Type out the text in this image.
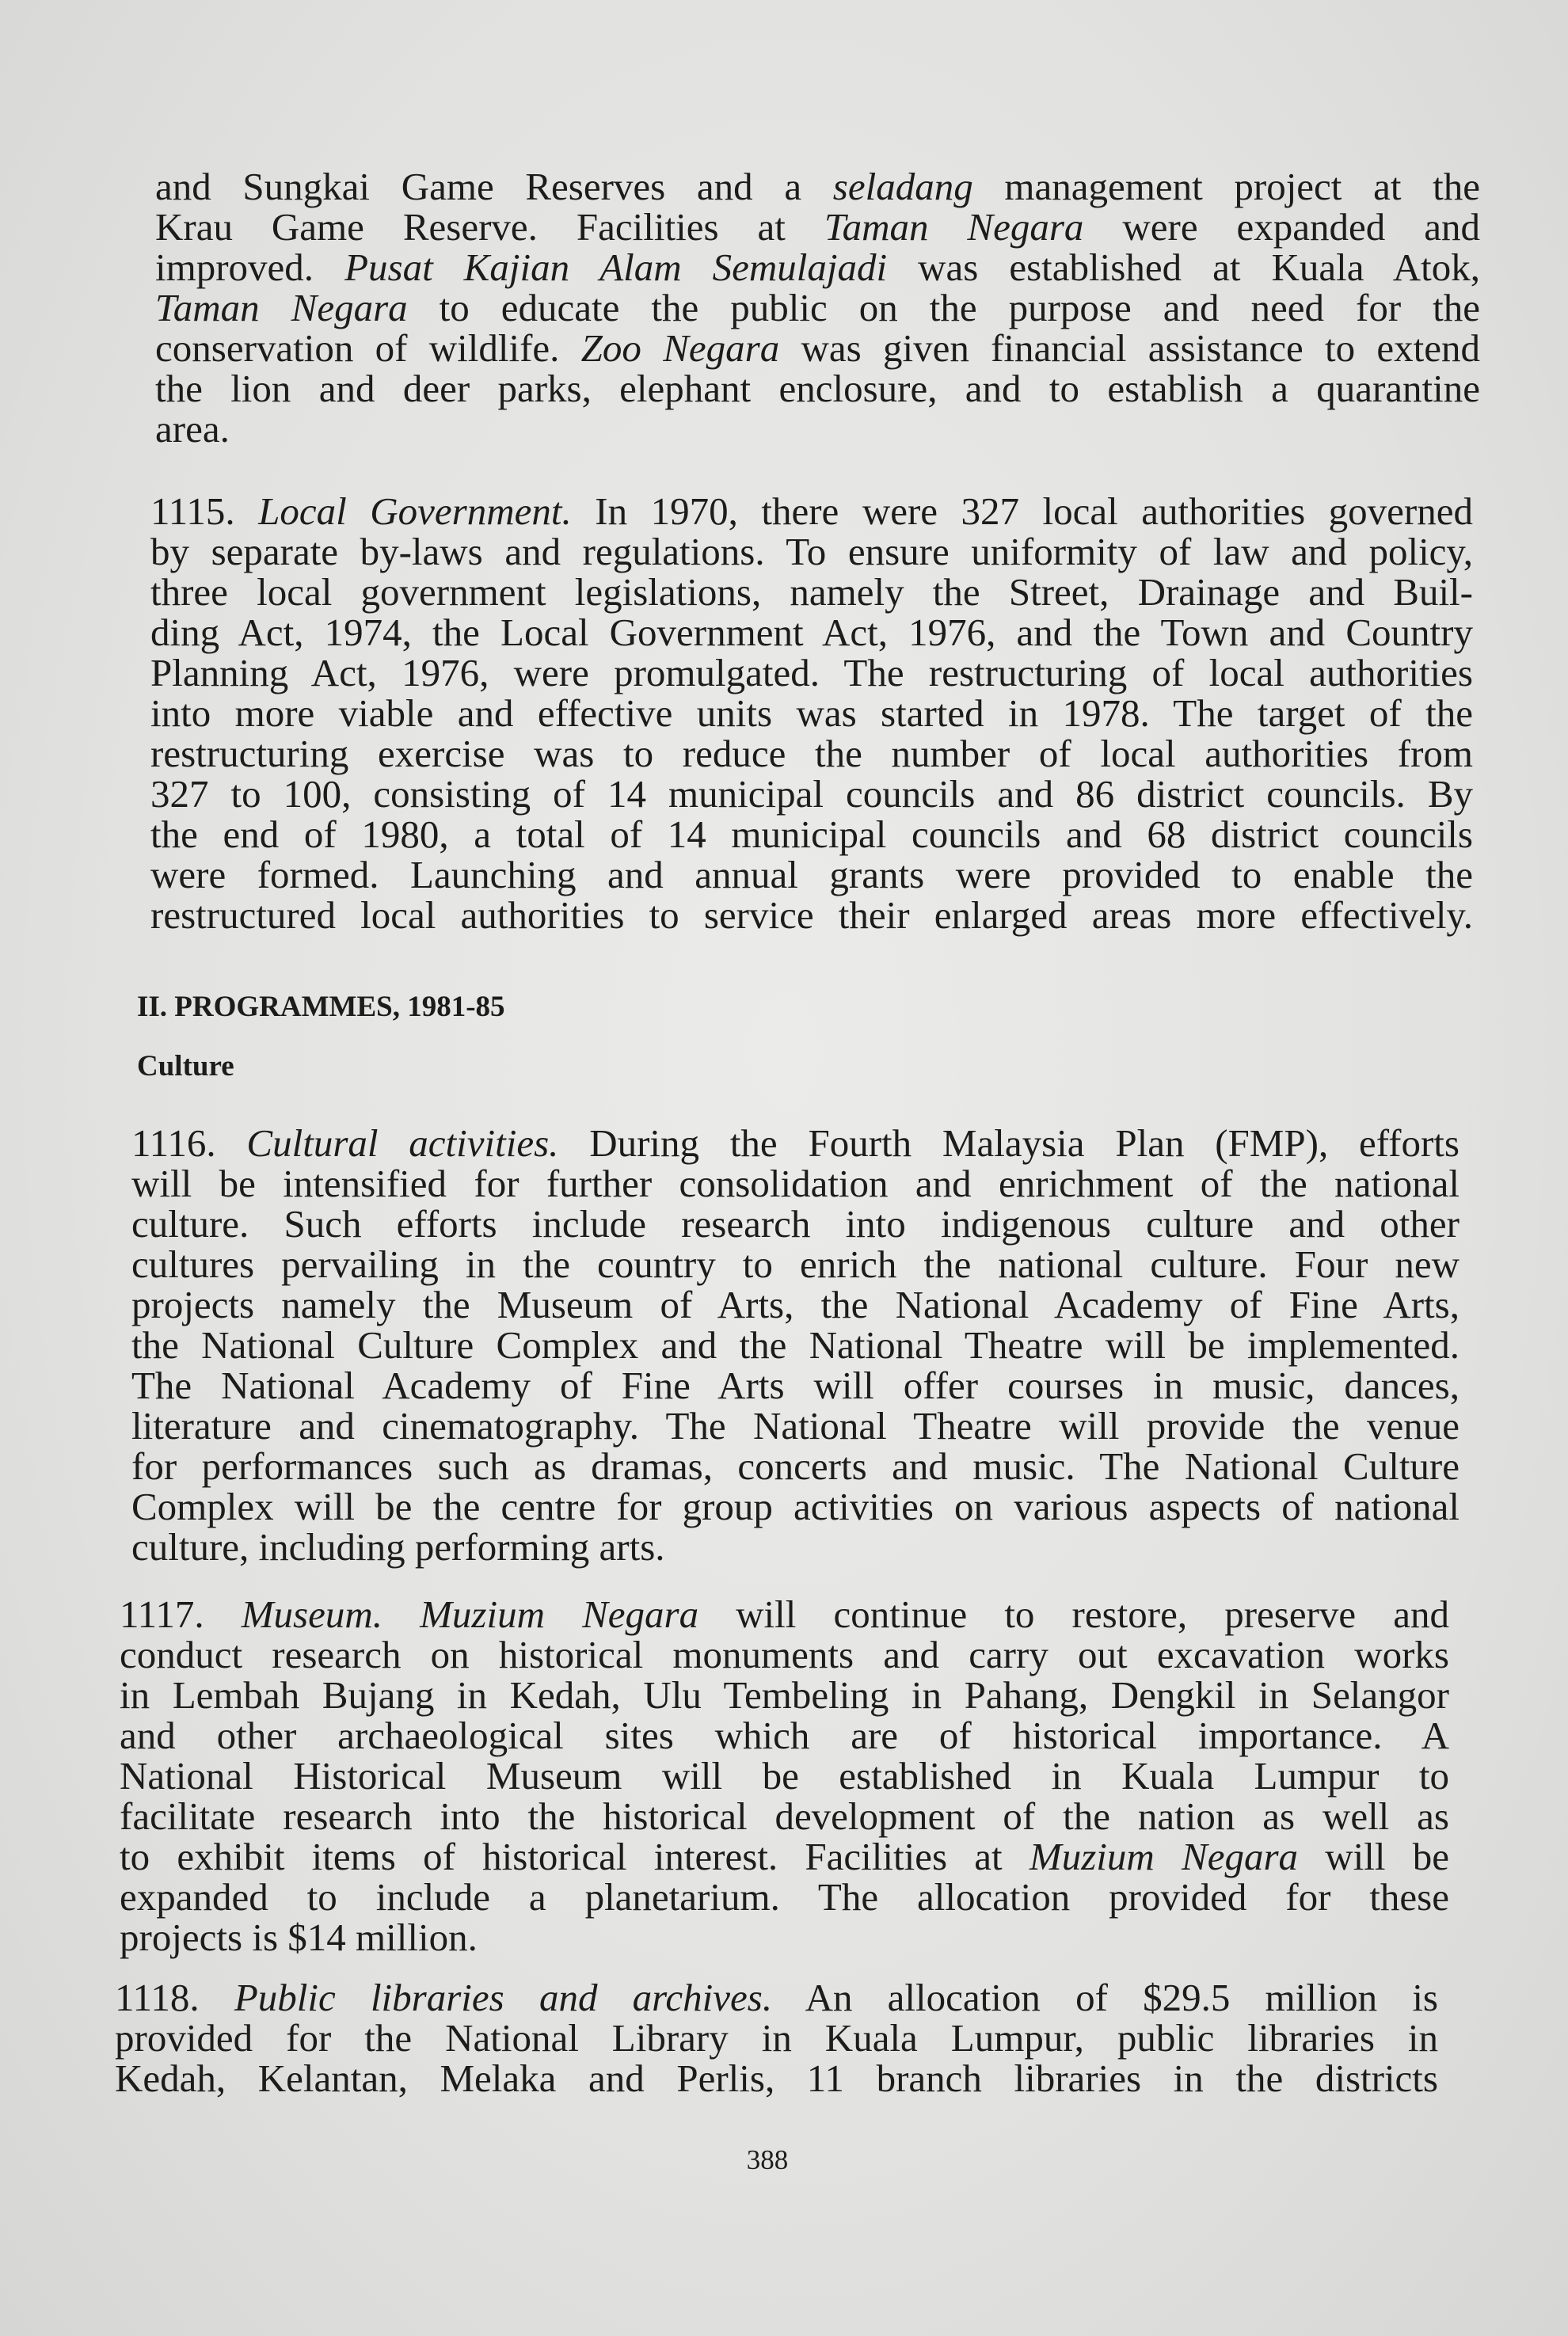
and Sungkai Game Reserves and a seladang management project at the
Krau Game Reserve. Facilities at Taman Negara were expanded and
improved. Pusat Kajian Alam Semulajadi was established at Kuala Atok,
Taman Negara to educate the public on the purpose and need for the
conservation of wildlife. Zoo Negara was given financial assistance to extend
the lion and deer parks, elephant enclosure, and to establish a quarantine
area.
1115. Local Government. In 1970, there were 327 local authorities governed
by separate by-laws and regulations. To ensure uniformity of law and policy,
three local government legislations, namely the Street, Drainage and Buil-
ding Act, 1974, the Local Government Act, 1976, and the Town and Country
Planning Act, 1976, were promulgated. The restructuring of local authorities
into more viable and effective units was started in 1978. The target of the
restructuring exercise was to reduce the number of local authorities from
327 to 100, consisting of 14 municipal councils and 86 district councils. By
the end of 1980, a total of 14 municipal councils and 68 district councils
were formed. Launching and annual grants were provided to enable the
restructured local authorities to service their enlarged areas more effectively.
II. PROGRAMMES, 1981-85
Culture
1116. Cultural activities. During the Fourth Malaysia Plan (FMP), efforts
will be intensified for further consolidation and enrichment of the national
culture. Such efforts include research into indigenous culture and other
cultures pervailing in the country to enrich the national culture. Four new
projects namely the Museum of Arts, the National Academy of Fine Arts,
the National Culture Complex and the National Theatre will be implemented.
The National Academy of Fine Arts will offer courses in music, dances,
literature and cinematography. The National Theatre will provide the venue
for performances such as dramas, concerts and music. The National Culture
Complex will be the centre for group activities on various aspects of national
culture, including performing arts.
1117. Museum. Muzium Negara will continue to restore, preserve and
conduct research on historical monuments and carry out excavation works
in Lembah Bujang in Kedah, Ulu Tembeling in Pahang, Dengkil in Selangor
and other archaeological sites which are of historical importance. A
National Historical Museum will be established in Kuala Lumpur to
facilitate research into the historical development of the nation as well as
to exhibit items of historical interest. Facilities at Muzium Negara will be
expanded to include a planetarium. The allocation provided for these
projects is $14 million.
1118. Public libraries and archives. An allocation of $29.5 million is
provided for the National Library in Kuala Lumpur, public libraries in
Kedah, Kelantan, Melaka and Perlis, 11 branch libraries in the districts
388
